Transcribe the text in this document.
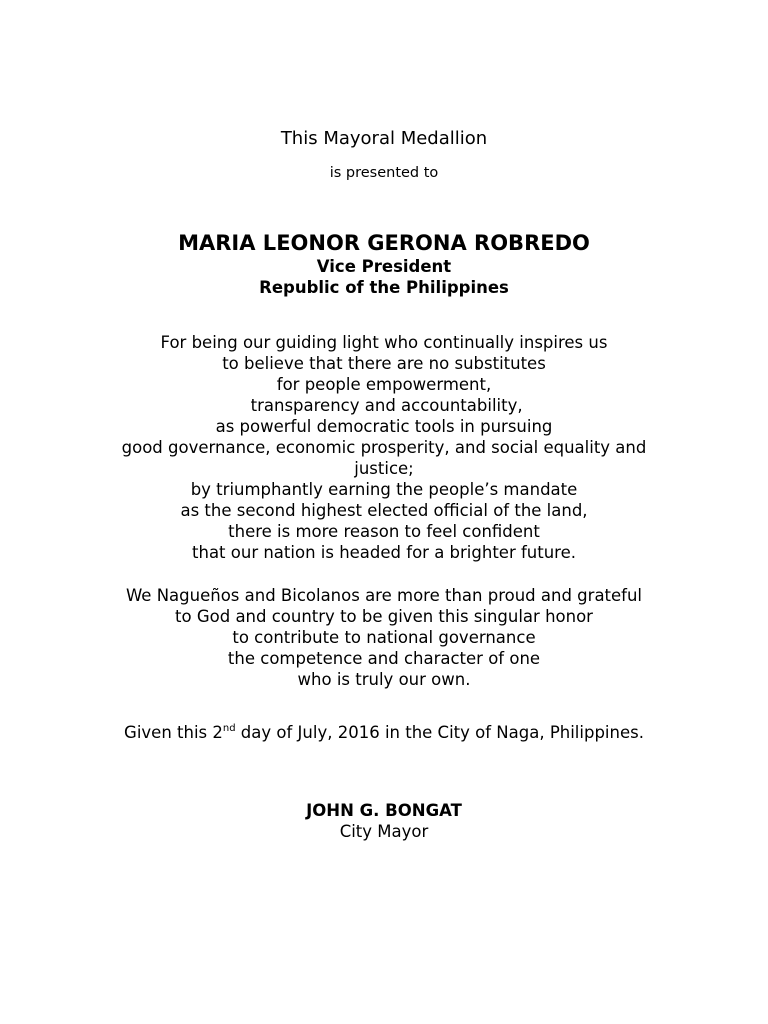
This Mayoral Medallion
is presented to
MARIA LEONOR GERONA ROBREDO
Vice President
Republic of the Philippines
For being our guiding light who continually inspires us
to believe that there are no substitutes
for people empowerment,
transparency and accountability,
as powerful democratic tools in pursuing
good governance, economic prosperity, and social equality and
justice;
by triumphantly earning the people’s mandate
as the second highest elected official of the land,
there is more reason to feel confident
that our nation is headed for a brighter future.
We Nagueños and Bicolanos are more than proud and grateful
to God and country to be given this singular honor
to contribute to national governance
the competence and character of one
who is truly our own.
Given this 2nd day of July, 2016 in the City of Naga, Philippines.
JOHN G. BONGAT
City Mayor
